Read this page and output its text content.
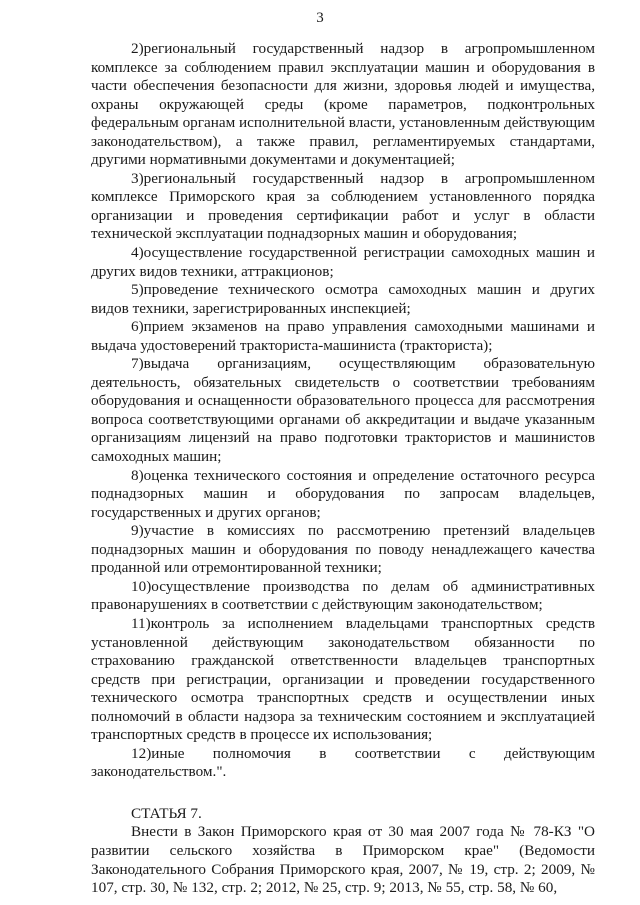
3

2)региональный государственный надзор в агропромышленном комплексе за соблюдением правил эксплуатации машин и оборудования в части обеспечения безопасности для жизни, здоровья людей и имущества, охраны окружающей среды (кроме параметров, подконтрольных федеральным органам исполнительной власти, установленным действующим законодательством), а также правил, регламентируемых стандартами, другими нормативными документами и документацией;

3)региональный государственный надзор в агропромышленном комплексе Приморского края за соблюдением установленного порядка организации и проведения сертификации работ и услуг в области технической эксплуатации поднадзорных машин и оборудования;

4)осуществление государственной регистрации самоходных машин и других видов техники, аттракционов;

5)проведение технического осмотра самоходных машин и других видов техники, зарегистрированных инспекцией;

6)прием экзаменов на право управления самоходными машинами и выдача удостоверений тракториста-машиниста (тракториста);

7)выдача организациям, осуществляющим образовательную деятельность, обязательных свидетельств о соответствии требованиям оборудования и оснащенности образовательного процесса для рассмотрения вопроса соответствующими органами об аккредитации и выдаче указанным организациям лицензий на право подготовки трактористов и машинистов самоходных машин;

8)оценка технического состояния и определение остаточного ресурса поднадзорных машин и оборудования по запросам владельцев, государственных и других органов;

9)участие в комиссиях по рассмотрению претензий владельцев поднадзорных машин и оборудования по поводу ненадлежащего качества проданной или отремонтированной техники;

10)осуществление производства по делам об административных правонарушениях в соответствии с действующим законодательством;

11)контроль за исполнением владельцами транспортных средств установленной действующим законодательством обязанности по страхованию гражданской ответственности владельцев транспортных средств при регистрации, организации и проведении государственного технического осмотра транспортных средств и осуществлении иных полномочий в области надзора за техническим состоянием и эксплуатацией транспортных средств в процессе их использования;

12)иные полномочия в соответствии с действующим законодательством.".

СТАТЬЯ 7.

Внести в Закон Приморского края от 30 мая 2007 года № 78-КЗ "О развитии сельского хозяйства в Приморском крае" (Ведомости Законодательного Собрания Приморского края, 2007, № 19, стр. 2; 2009, № 107, стр. 30, № 132, стр. 2; 2012, № 25, стр. 9; 2013, № 55, стр. 58, № 60,
